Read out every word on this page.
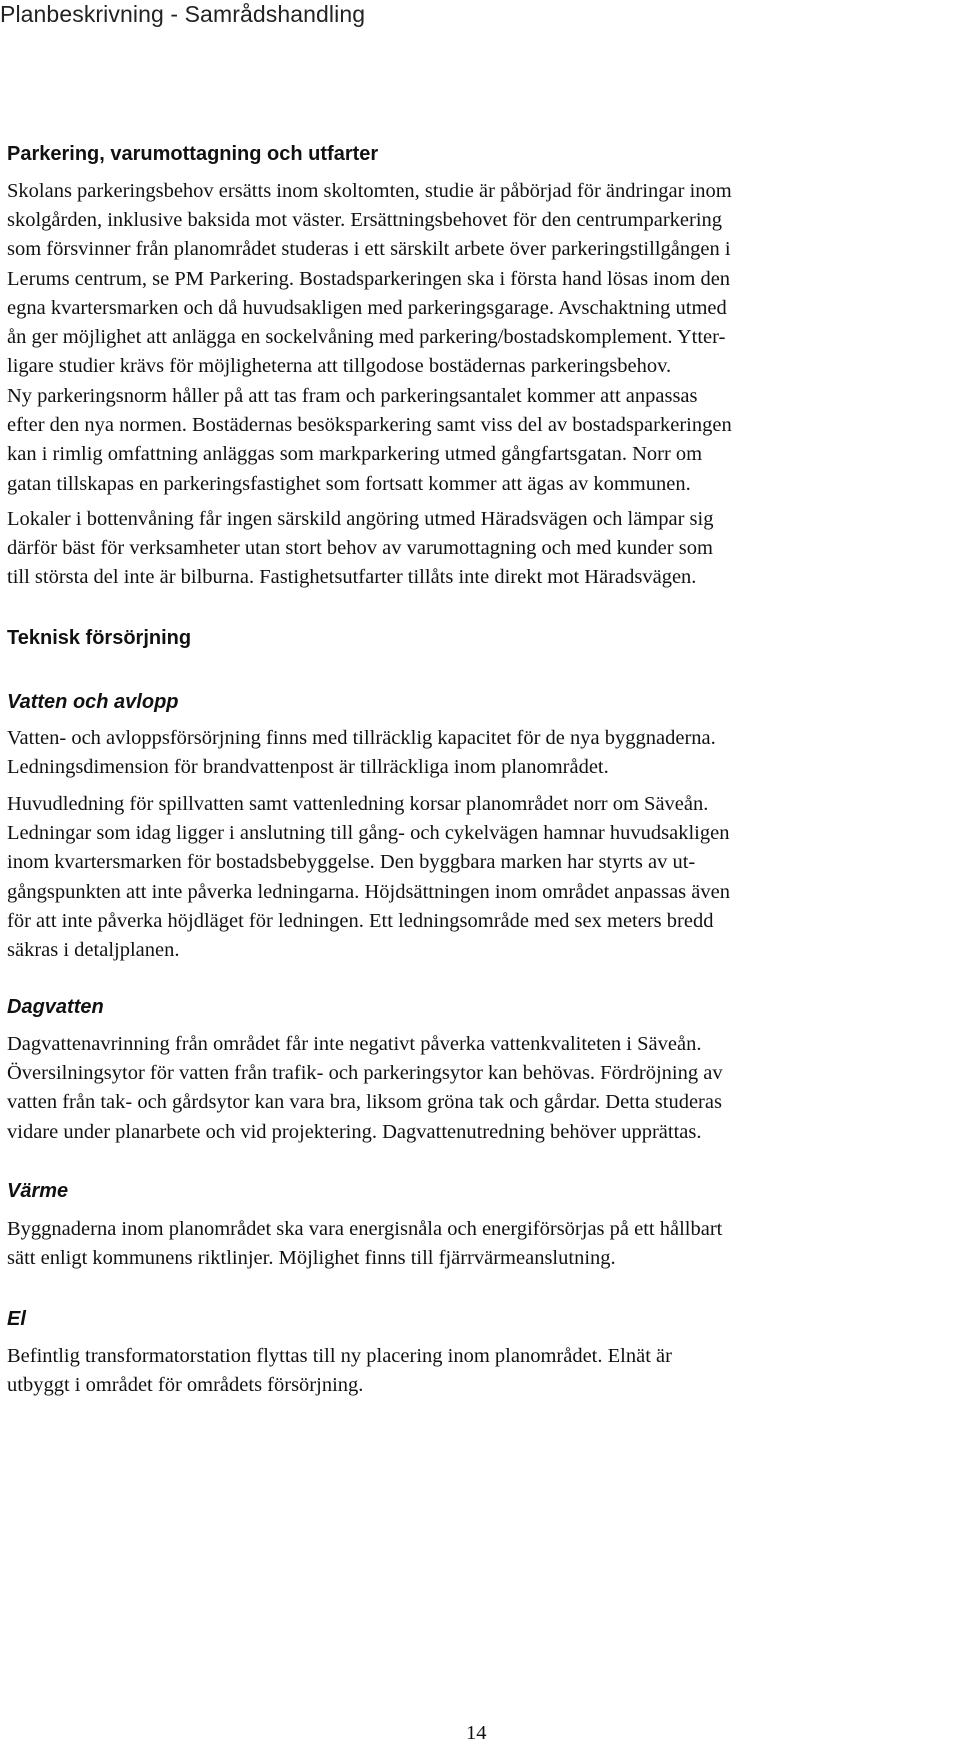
Planbeskrivning - Samrådshandling
Parkering, varumottagning och utfarter

Skolans parkeringsbehov ersätts inom skoltomten, studie är påbörjad för ändringar inom
skolgården, inklusive baksida mot väster. Ersättningsbehovet för den centrumparkering
som försvinner från planområdet studeras i ett särskilt arbete över parkeringstillgången i
Lerums centrum, se PM Parkering. Bostadsparkeringen ska i första hand lösas inom den
egna kvartersmarken och då huvudsakligen med parkeringsgarage. Avschaktning utmed
ån ger möjlighet att anlägga en sockelvåning med parkering/bostadskomplement. Ytter-
ligare studier krävs för möjligheterna att tillgodose bostädernas parkeringsbehov.

Ny parkeringsnorm håller på att tas fram och parkeringsantalet kommer att anpassas
efter den nya normen. Bostädernas besöksparkering samt viss del av bostadsparkeringen
kan i rimlig omfattning anläggas som markparkering utmed gångfartsgatan. Norr om
gatan tillskapas en parkeringsfastighet som fortsatt kommer att ägas av kommunen.

Lokaler i bottenvåning får ingen särskild angöring utmed Häradsvägen och lämpar sig
därför bäst för verksamheter utan stort behov av varumottagning och med kunder som
till största del inte är bilburna. Fastighetsutfarter tillåts inte direkt mot Häradsvägen.

Teknisk försörjning
Vatten och avlopp

Vatten- och avloppsförsörjning finns med tillräcklig kapacitet för de nya byggnaderna.
Ledningsdimension för brandvattenpost är tillräckliga inom planområdet.

Huvudledning för spillvatten samt vattenledning korsar planområdet norr om Säveån.
Ledningar som idag ligger i anslutning till gång- och cykelvägen hamnar huvudsakligen
inom kvartersmarken för bostadsbebyggelse. Den byggbara marken har styrts av ut-
gångspunkten att inte påverka ledningarna. Höjdsättningen inom området anpassas även
för att inte påverka höjdläget för ledningen. Ett ledningsområde med sex meters bredd
säkras i detaljplanen.

Dagvatten

Dagvattenavrinning från området får inte negativt påverka vattenkvaliteten i Säveån.
Översilningsytor för vatten från trafik- och parkeringsytor kan behövas. Fördröjning av
vatten från tak- och gårdsytor kan vara bra, liksom gröna tak och gårdar. Detta studeras
vidare under planarbete och vid projektering. Dagvattenutredning behöver upprättas.

Värme

Byggnaderna inom planområdet ska vara energisnåla och energiförsörjas på ett hållbart
sätt enligt kommunens riktlinjer. Möjlighet finns till fjärrvärmeanslutning.

El

Befintlig transformatorstation flyttas till ny placering inom planområdet. Elnät är
utbyggt i området för områdets försörjning.

14
